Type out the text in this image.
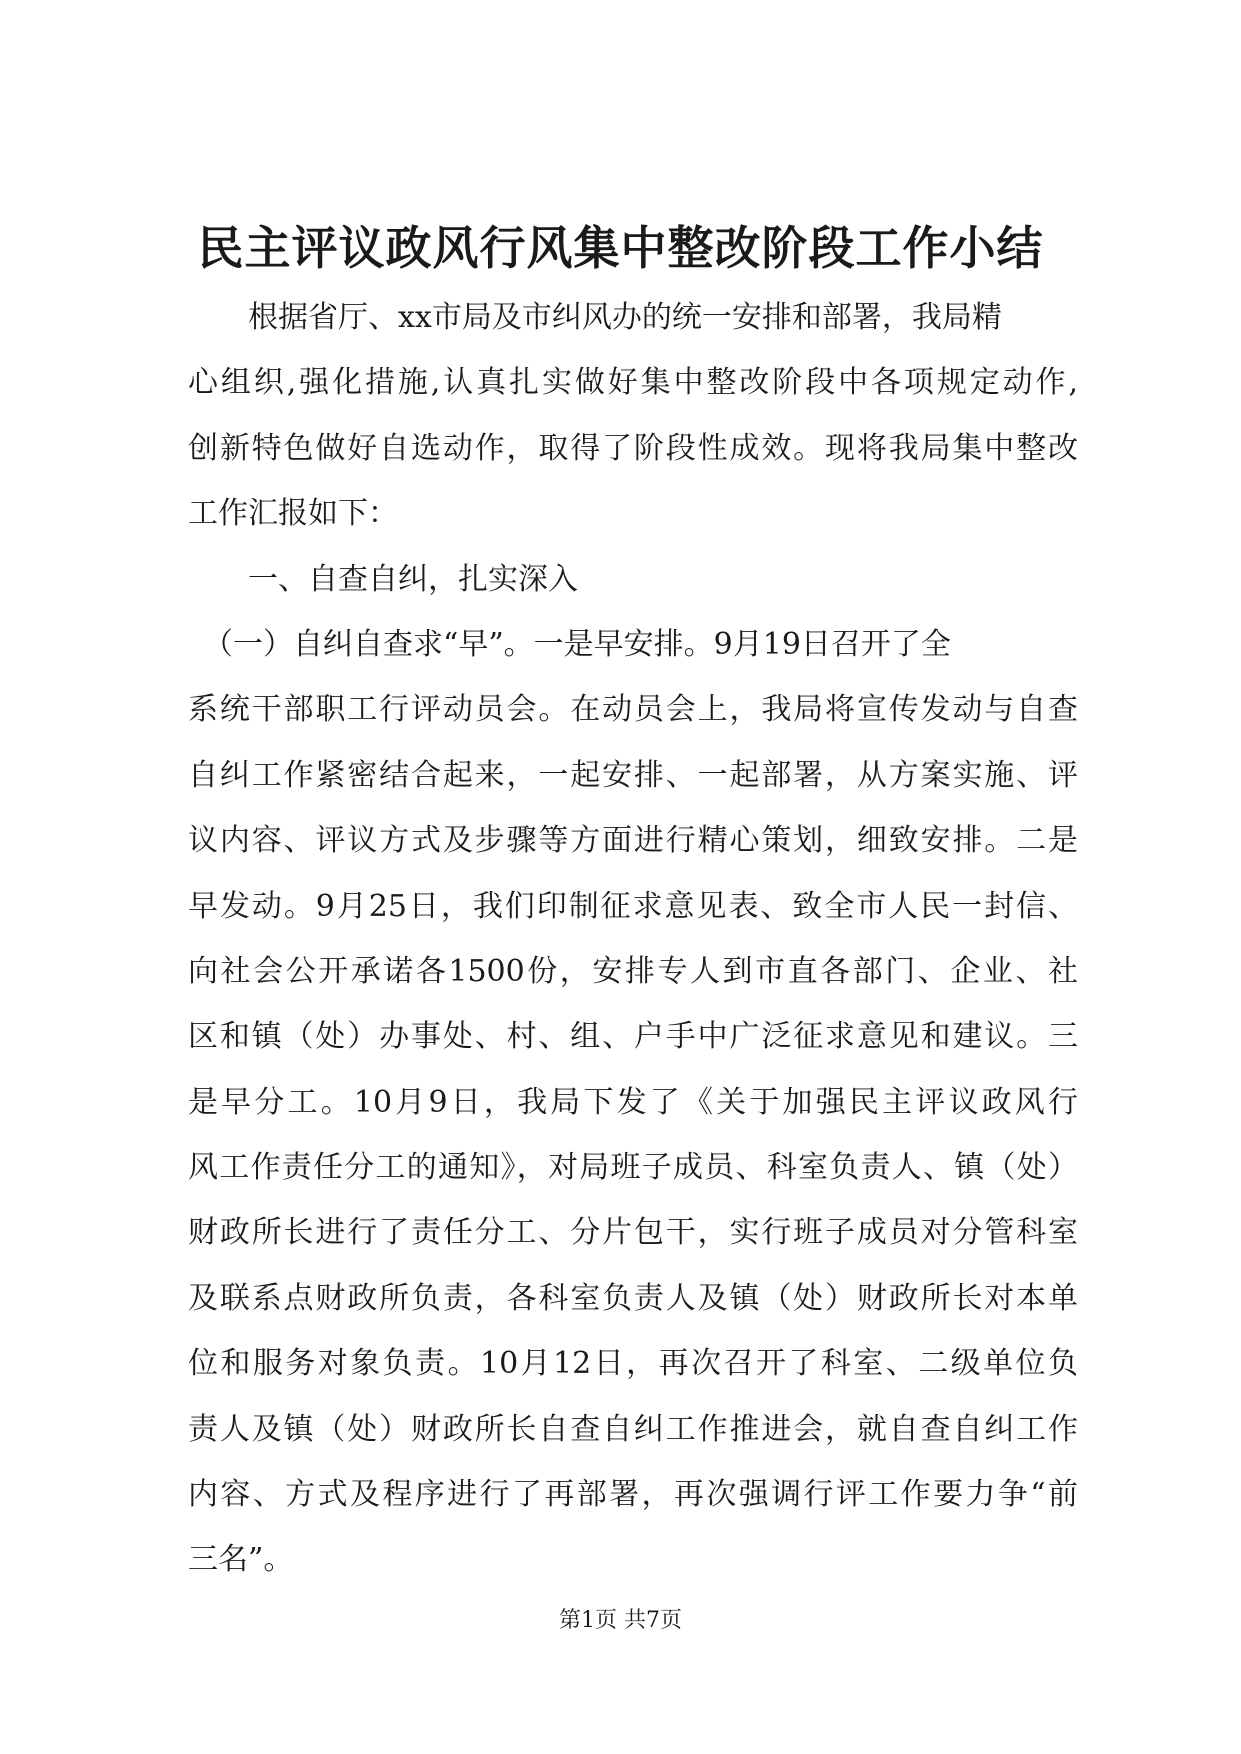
民主评议政风行风集中整改阶段工作小结
　　根据省厅、xx市局及市纠风办的统一安排和部署，我局精
心组织,强化措施,认真扎实做好集中整改阶段中各项规定动作,
创新特色做好自选动作，取得了阶段性成效。现将我局集中整改
工作汇报如下：
　　一、自查自纠，扎实深入
　（一）自纠自查求“早”。一是早安排。9月19日召开了全
系统干部职工行评动员会。在动员会上，我局将宣传发动与自查
自纠工作紧密结合起来，一起安排、一起部署，从方案实施、评
议内容、评议方式及步骤等方面进行精心策划，细致安排。二是
早发动。9月25日，我们印制征求意见表、致全市人民一封信、
向社会公开承诺各1500份，安排专人到市直各部门、企业、社
区和镇（处）办事处、村、组、户手中广泛征求意见和建议。三
是早分工。10月9日，我局下发了《关于加强民主评议政风行
风工作责任分工的通知》，对局班子成员、科室负责人、镇（处）
财政所长进行了责任分工、分片包干，实行班子成员对分管科室
及联系点财政所负责，各科室负责人及镇（处）财政所长对本单
位和服务对象负责。10月12日，再次召开了科室、二级单位负
责人及镇（处）财政所长自查自纠工作推进会，就自查自纠工作
内容、方式及程序进行了再部署，再次强调行评工作要力争“前
三名”。
第1页 共7页
